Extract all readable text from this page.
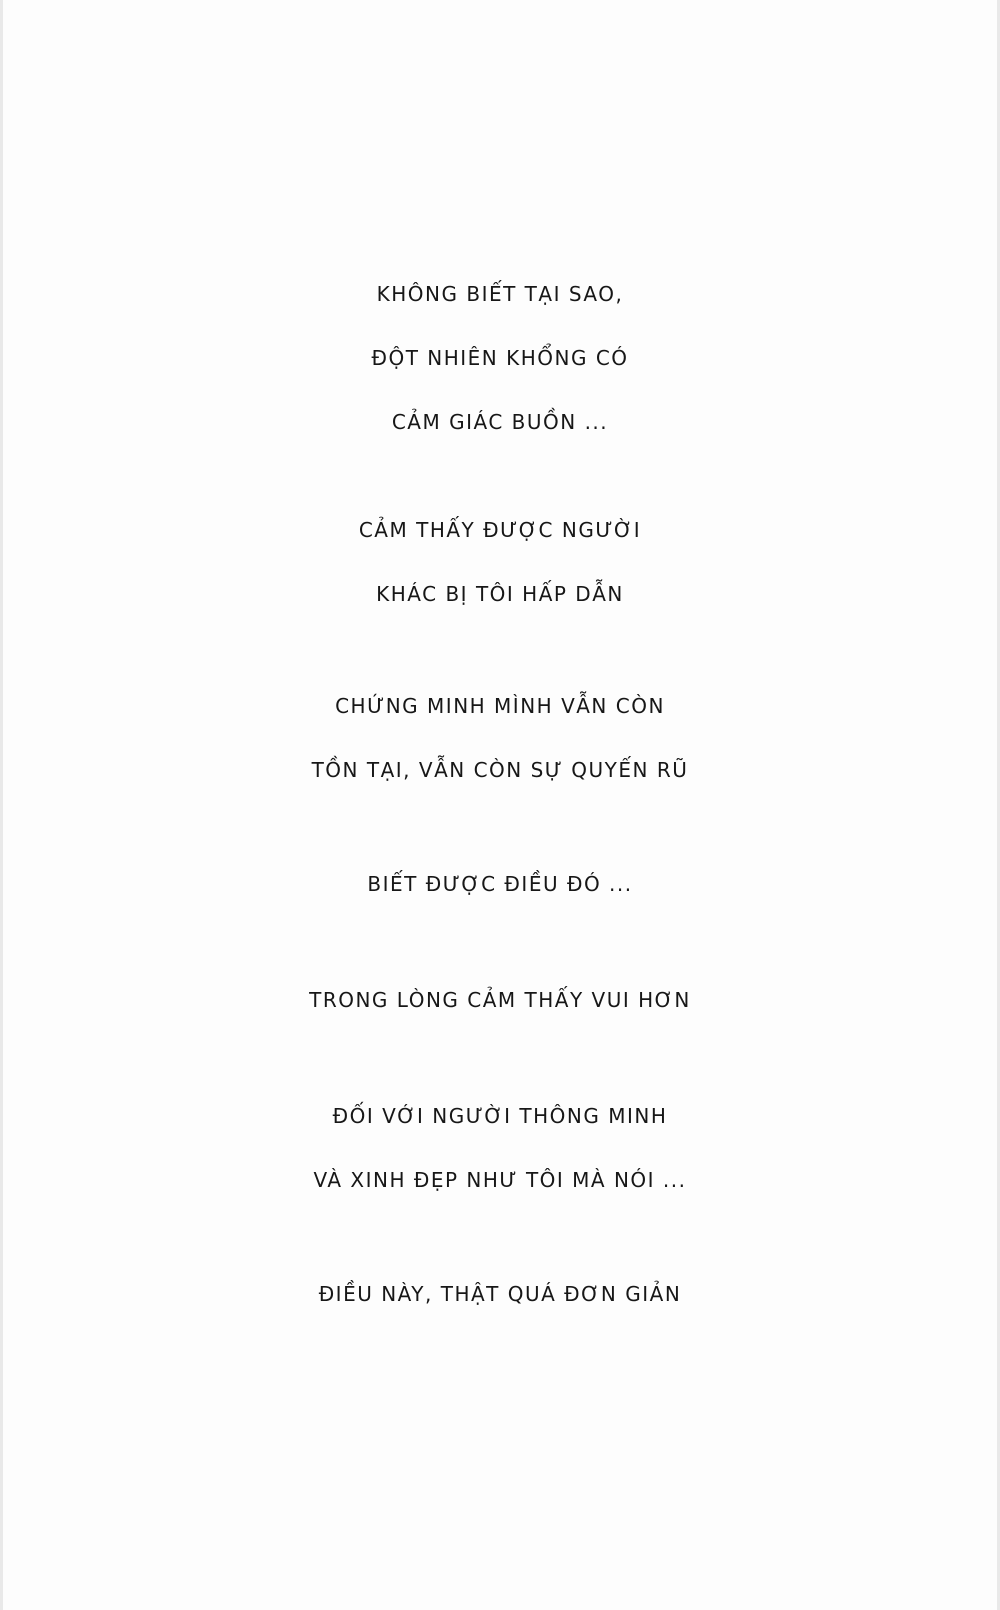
KHÔNG BIẾT TẠI SAO,
ĐỘT NHIÊN KHỔNG CÓ
CẢM GIÁC BUỒN ...
CẢM THẤY ĐƯỢC NGƯỜI
KHÁC BỊ TÔI HẤP DẪN
CHỨNG MINH MÌNH VẪN CÒN
TỒN TẠI, VẪN CÒN SỰ QUYẾN RŨ
BIẾT ĐƯỢC ĐIỀU ĐÓ ...
TRONG LÒNG CẢM THẤY VUI HƠN
ĐỐI VỚI NGƯỜI THÔNG MINH
VÀ XINH ĐẸP NHƯ TÔI MÀ NÓI ...
ĐIỀU NÀY, THẬT QUÁ ĐƠN GIẢN
